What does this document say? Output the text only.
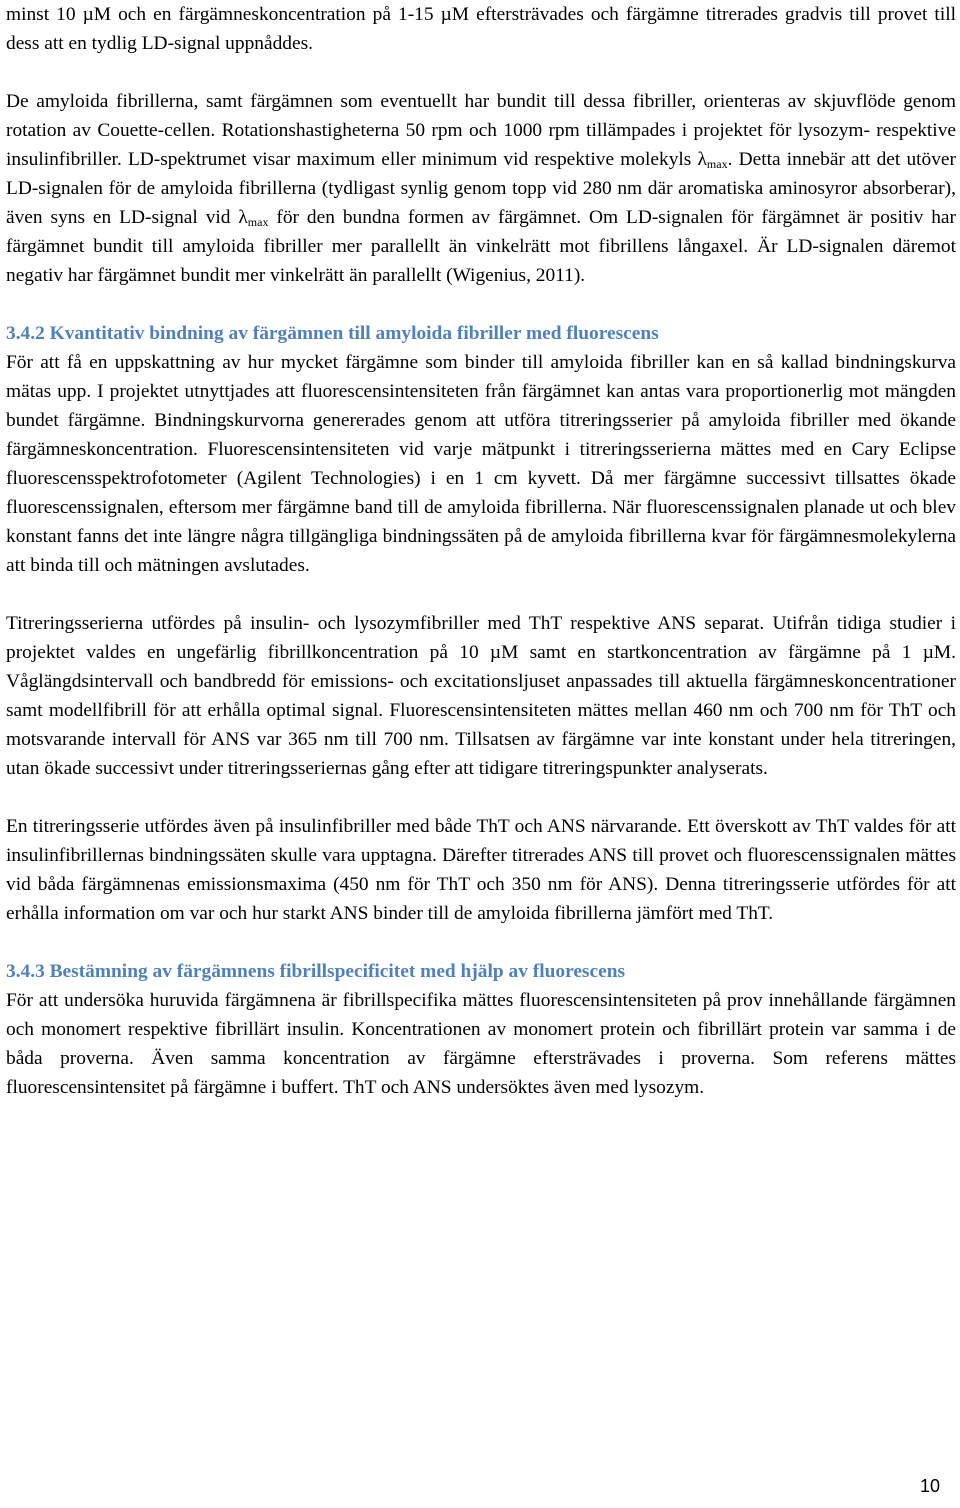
minst 10 µM och en färgämneskoncentration på 1-15 µM eftersträvades och färgämne titrerades gradvis till provet till dess att en tydlig LD-signal uppnåddes.

De amyloida fibrillerna, samt färgämnen som eventuellt har bundit till dessa fibriller, orienteras av skjuvflöde genom rotation av Couette-cellen. Rotationshastigheterna 50 rpm och 1000 rpm tillämpades i projektet för lysozym- respektive insulinfibriller. LD-spektrumet visar maximum eller minimum vid respektive molekyls $\lambda_{max}$. Detta innebär att det utöver LD-signalen för de amyloida fibrillerna (tydligast synlig genom topp vid 280 nm där aromatiska aminosyror absorberar), även syns en LD-signal vid $\lambda_{max}$ för den bundna formen av färgämnet. Om LD-signalen för färgämnet är positiv har färgämnet bundit till amyloida fibriller mer parallellt än vinkelrätt mot fibrillens långaxel. Är LD-signalen däremot negativ har färgämnet bundit mer vinkelrätt än parallellt (Wigenius, 2011).

3.4.2 Kvantitativ bindning av färgämnen till amyloida fibriller med fluorescens

För att få en uppskattning av hur mycket färgämne som binder till amyloida fibriller kan en så kallad bindningskurva mätas upp. I projektet utnyttjades att fluorescensintensiteten från färgämnet kan antas vara proportionerlig mot mängden bundet färgämne. Bindningskurvorna genererades genom att utföra titreringsserier på amyloida fibriller med ökande färgämneskoncentration. Fluorescensintensiteten vid varje mätpunkt i titreringsserierna mättes med en Cary Eclipse fluorescensspektrofotometer (Agilent Technologies) i en 1 cm kyvett. Då mer färgämne successivt tillsattes ökade fluorescenssignalen, eftersom mer färgämne band till de amyloida fibrillerna. När fluorescenssignalen planade ut och blev konstant fanns det inte längre några tillgängliga bindningssäten på de amyloida fibrillerna kvar för färgämnesmolekylerna att binda till och mätningen avslutades.

Titreringsserierna utfördes på insulin- och lysozymfibriller med ThT respektive ANS separat. Utifrån tidiga studier i projektet valdes en ungefärlig fibrillkoncentration på 10 µM samt en startkoncentration av färgämne på 1 µM. Våglängdsintervall och bandbredd för emissions- och excitationsljuset anpassades till aktuella färgämneskoncentrationer samt modellfibrill för att erhålla optimal signal. Fluorescensintensiteten mättes mellan 460 nm och 700 nm för ThT och motsvarande intervall för ANS var 365 nm till 700 nm. Tillsatsen av färgämne var inte konstant under hela titreringen, utan ökade successivt under titreringsseriernas gång efter att tidigare titreringspunkter analyserats.

En titreringsserie utfördes även på insulinfibriller med både ThT och ANS närvarande. Ett överskott av ThT valdes för att insulinfibrillernas bindningssäten skulle vara upptagna. Därefter titrerades ANS till provet och fluorescenssignalen mättes vid båda färgämnenas emissionsmaxima (450 nm för ThT och 350 nm för ANS). Denna titreringsserie utfördes för att erhålla information om var och hur starkt ANS binder till de amyloida fibrillerna jämfört med ThT.

3.4.3 Bestämning av färgämnens fibrillspecificitet med hjälp av fluorescens

För att undersöka huruvida färgämnena är fibrillspecifika mättes fluorescensintensiteten på prov innehållande färgämnen och monomert respektive fibrillärt insulin. Koncentrationen av monomert protein och fibrillärt protein var samma i de båda proverna. Även samma koncentration av färgämne eftersträvades i proverna. Som referens mättes fluorescensintensitet på färgämne i buffert. ThT och ANS undersöktes även med lysozym.

10
